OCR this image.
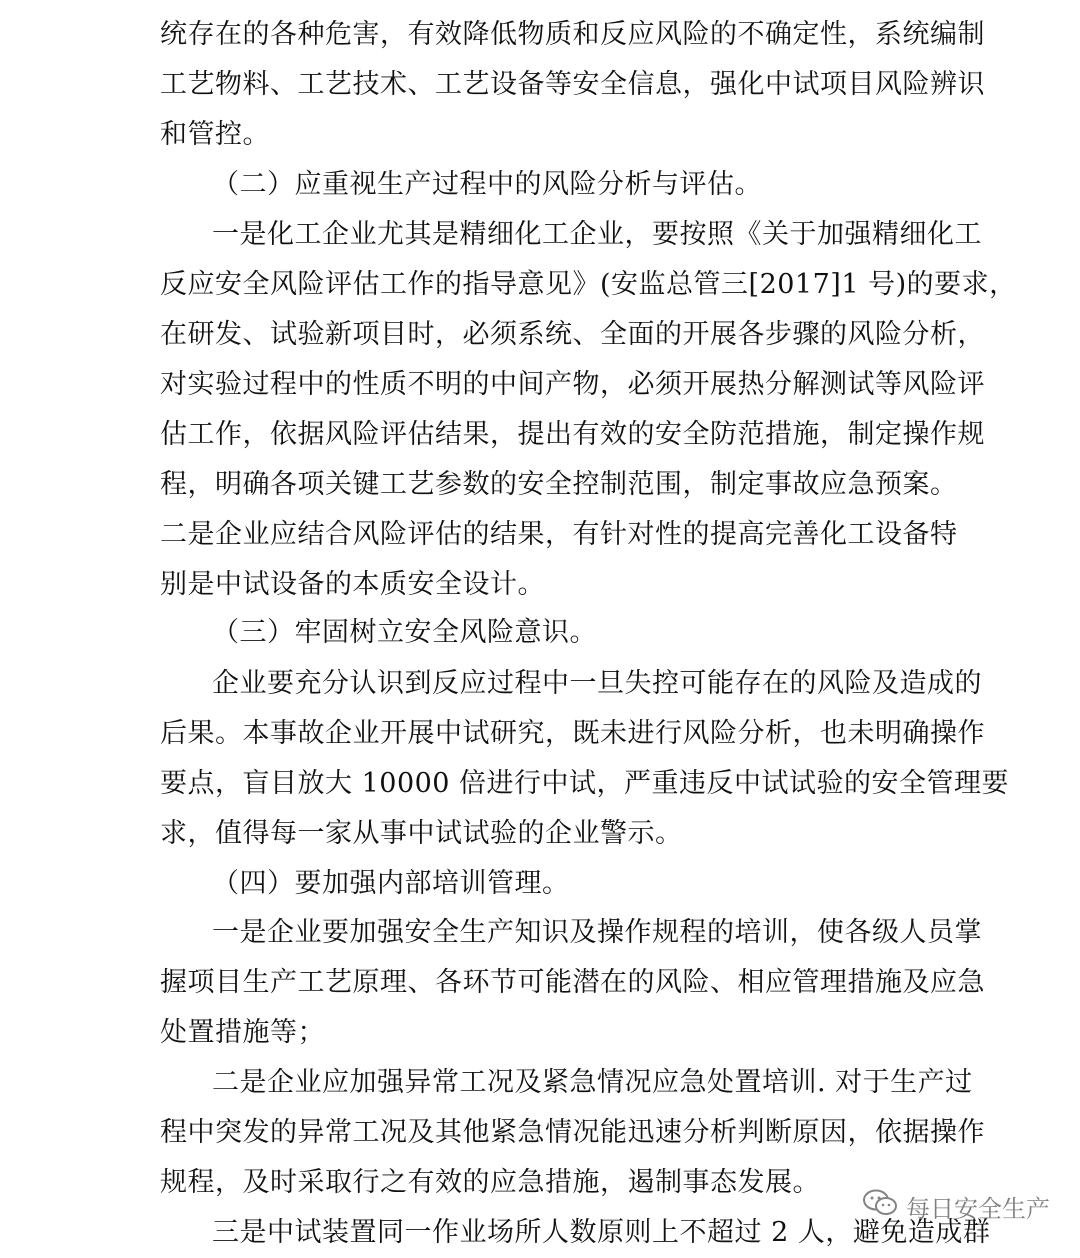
统存在的各种危害，有效降低物质和反应风险的不确定性，系统编制
工艺物料、工艺技术、工艺设备等安全信息，强化中试项目风险辨识
和管控。
（二）应重视生产过程中的风险分析与评估。
一是化工企业尤其是精细化工企业，要按照《关于加强精细化工
反应安全风险评估工作的指导意见》(安监总管三[2017]1 号)的要求，
在研发、试验新项目时，必须系统、全面的开展各步骤的风险分析，
对实验过程中的性质不明的中间产物，必须开展热分解测试等风险评
估工作，依据风险评估结果，提出有效的安全防范措施，制定操作规
程，明确各项关键工艺参数的安全控制范围，制定事故应急预案。
二是企业应结合风险评估的结果，有针对性的提高完善化工设备特
别是中试设备的本质安全设计。
（三）牢固树立安全风险意识。
企业要充分认识到反应过程中一旦失控可能存在的风险及造成的
后果。本事故企业开展中试研究，既未进行风险分析，也未明确操作
要点，盲目放大 10000 倍进行中试，严重违反中试试验的安全管理要
求，值得每一家从事中试试验的企业警示。
（四）要加强内部培训管理。
一是企业要加强安全生产知识及操作规程的培训，使各级人员掌
握项目生产工艺原理、各环节可能潜在的风险、相应管理措施及应急
处置措施等；
二是企业应加强异常工况及紧急情况应急处置培训. 对于生产过
程中突发的异常工况及其他紧急情况能迅速分析判断原因，依据操作
规程，及时采取行之有效的应急措施，遏制事态发展。
三是中试装置同一作业场所人数原则上不超过 2 人，避免造成群
每日安全生产
